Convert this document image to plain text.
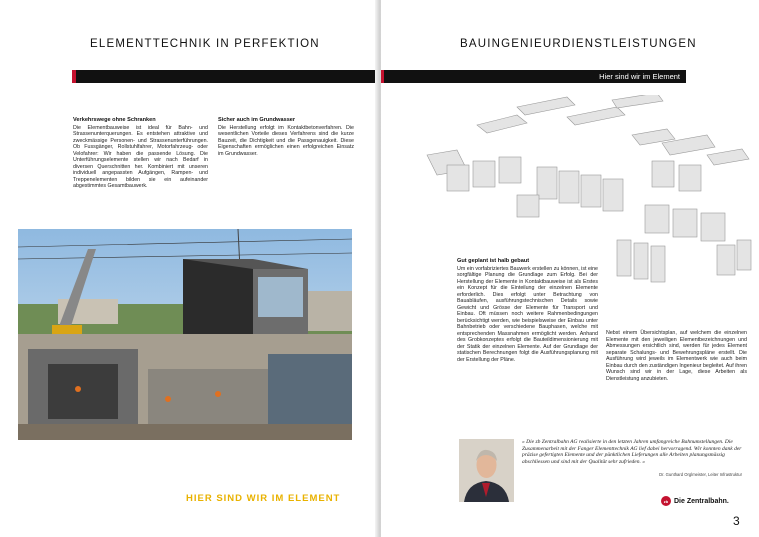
ELEMENTTECHNIK IN PERFEKTION
Verkehrswege ohne Schranken

Die Elementbauweise ist ideal für Bahn- und Strassenunterquerungen. Es entstehen attraktive und zweckmässige Personen- und Strassenunterführungen. Ob Fussgänger, Rollstuhlfahrer, Motorfahrzeug- oder Velofahrer: Wir haben die passende Lösung. Die Unterführungselemente stellen wir nach Bedarf in diversen Querschnitten her. Kombiniert mit unseren individuell angepassten Aufgängen, Rampen- und Treppenelementen bilden sie ein aufeinander abgestimmtes Gesamtbauwerk.

Sicher auch im Grundwasser

Die Herstellung erfolgt im Kontaktbetonverfahren. Die wesentlichen Vorteile dieses Verfahrens sind die kurze Bauzeit, die Dichtigkeit und die Passgenauigkeit. Diese Eigenschaften ermöglichen einen erfolgreichen Einsatz im Grundwasser.

HIER SIND WIR IM ELEMENT
BAUINGENIEURDIENSTLEISTUNGEN
Hier sind wir im Element
Gut geplant ist halb gebaut

Um ein vorfabriziertes Bauwerk erstellen zu können, ist eine sorgfältige Planung die Grundlage zum Erfolg. Bei der Herstellung der Elemente in Kontaktbauweise ist als Erstes ein Konzept für die Einteilung der einzelnen Elemente erforderlich. Dies erfolgt unter Betrachtung von Bauabläufen, ausführungstechnischen Details sowie Gewicht und Grösse der Elemente für Transport und Einbau. Oft müssen noch weitere Rahmenbedingungen berücksichtigt werden, wie beispielsweise der Einbau unter Bahnbetrieb oder verschiedene Bauphasen, welche mit entsprechenden Massnahmen ermöglicht werden. Anhand des Grobkonzeptes erfolgt die Bauteildimensionierung mit der Statik der einzelnen Elemente. Auf der Grundlage der statischen Berechnungen folgt die Ausführungsplanung mit der Erstellung der Pläne.

Nebst einem Übersichtsplan, auf welchem die einzelnen Elemente mit den jeweiligen Elementbezeichnungen und Abmessungen ersichtlich sind, werden für jedes Element separate Schalungs- und Bewehrungspläne erstellt. Die Ausführung wird jeweils im Elementwerk wie auch beim Einbau durch den zuständigen Ingenieur begleitet. Auf ihren Wunsch sind wir in der Lage, diese Arbeiten als Dienstleistung anzubieten.

« Die zb Zentralbahn AG realisierte in den letzten Jahren umfangreiche Bahnumstellungen. Die Zusammenarbeit mit der Fanger Elementtechnik AG lief dabei hervorragend. Wir konnten dank der präzise gefertigten Elemente und der pünktlichen Lieferungen alle Arbeiten planungsmässig abschliessen und sind mit der Qualität sehr zufrieden. »
Dr. Gunthard Orglmeister, Leiter Infrastruktur
zb Die Zentralbahn.
3
